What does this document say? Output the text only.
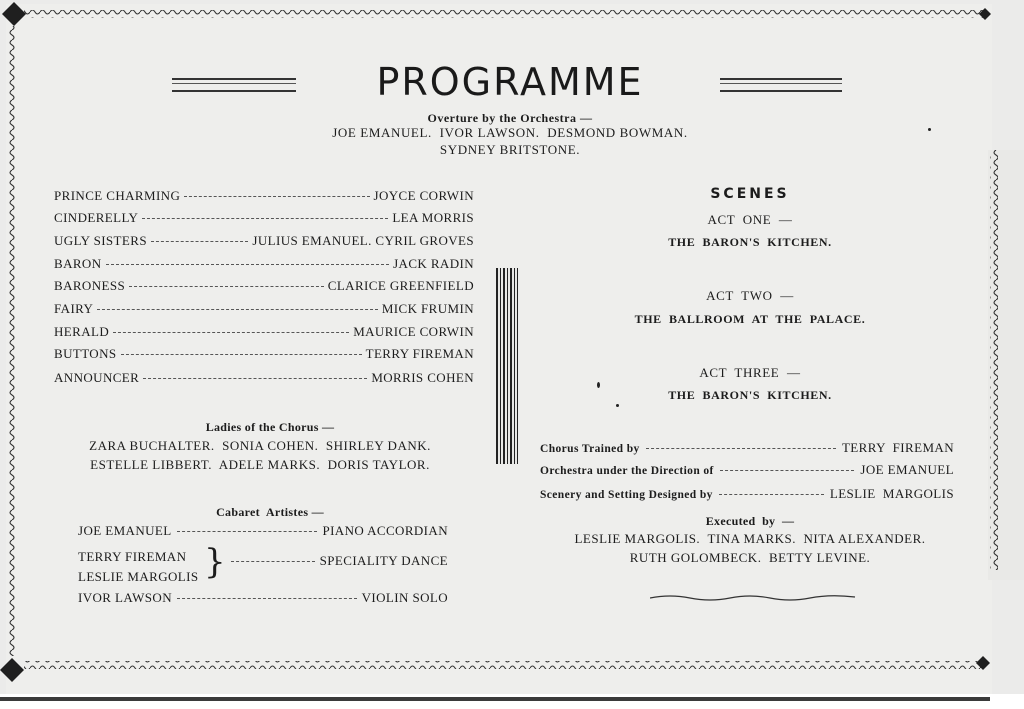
PROGRAMME
Overture by the Orchestra —
JOE EMANUEL.  IVOR LAWSON.  DESMOND BOWMAN.
SYDNEY BRITSTONE.
PRINCE CHARMING	JOYCE CORWIN
CINDERELLY	LEA MORRIS
UGLY SISTERS	JULIUS EMANUEL. CYRIL GROVES
BARON	JACK RADIN
BARONESS	CLARICE GREENFIELD
FAIRY	MICK FRUMIN
HERALD	MAURICE CORWIN
BUTTONS	TERRY FIREMAN
ANNOUNCER	MORRIS COHEN
Ladies of the Chorus —
ZARA BUCHALTER.  SONIA COHEN.  SHIRLEY DANK.
ESTELLE LIBBERT.  ADELE MARKS.  DORIS TAYLOR.
Cabaret  Artistes —
JOE EMANUEL	PIANO ACCORDIAN
TERRY FIREMAN
LESLIE MARGOLIS }	SPECIALITY DANCE
IVOR LAWSON	VIOLIN SOLO
SCENES
ACT  ONE  —
THE  BARON'S  KITCHEN.
ACT  TWO  —
THE  BALLROOM  AT  THE  PALACE.
ACT  THREE  —
THE  BARON'S  KITCHEN.
Chorus Trained by	TERRY  FIREMAN
Orchestra under the Direction of	JOE EMANUEL
Scenery and Setting Designed by	LESLIE  MARGOLIS
Executed  by  —
LESLIE MARGOLIS.  TINA MARKS.  NITA ALEXANDER.
RUTH GOLOMBECK.  BETTY LEVINE.
